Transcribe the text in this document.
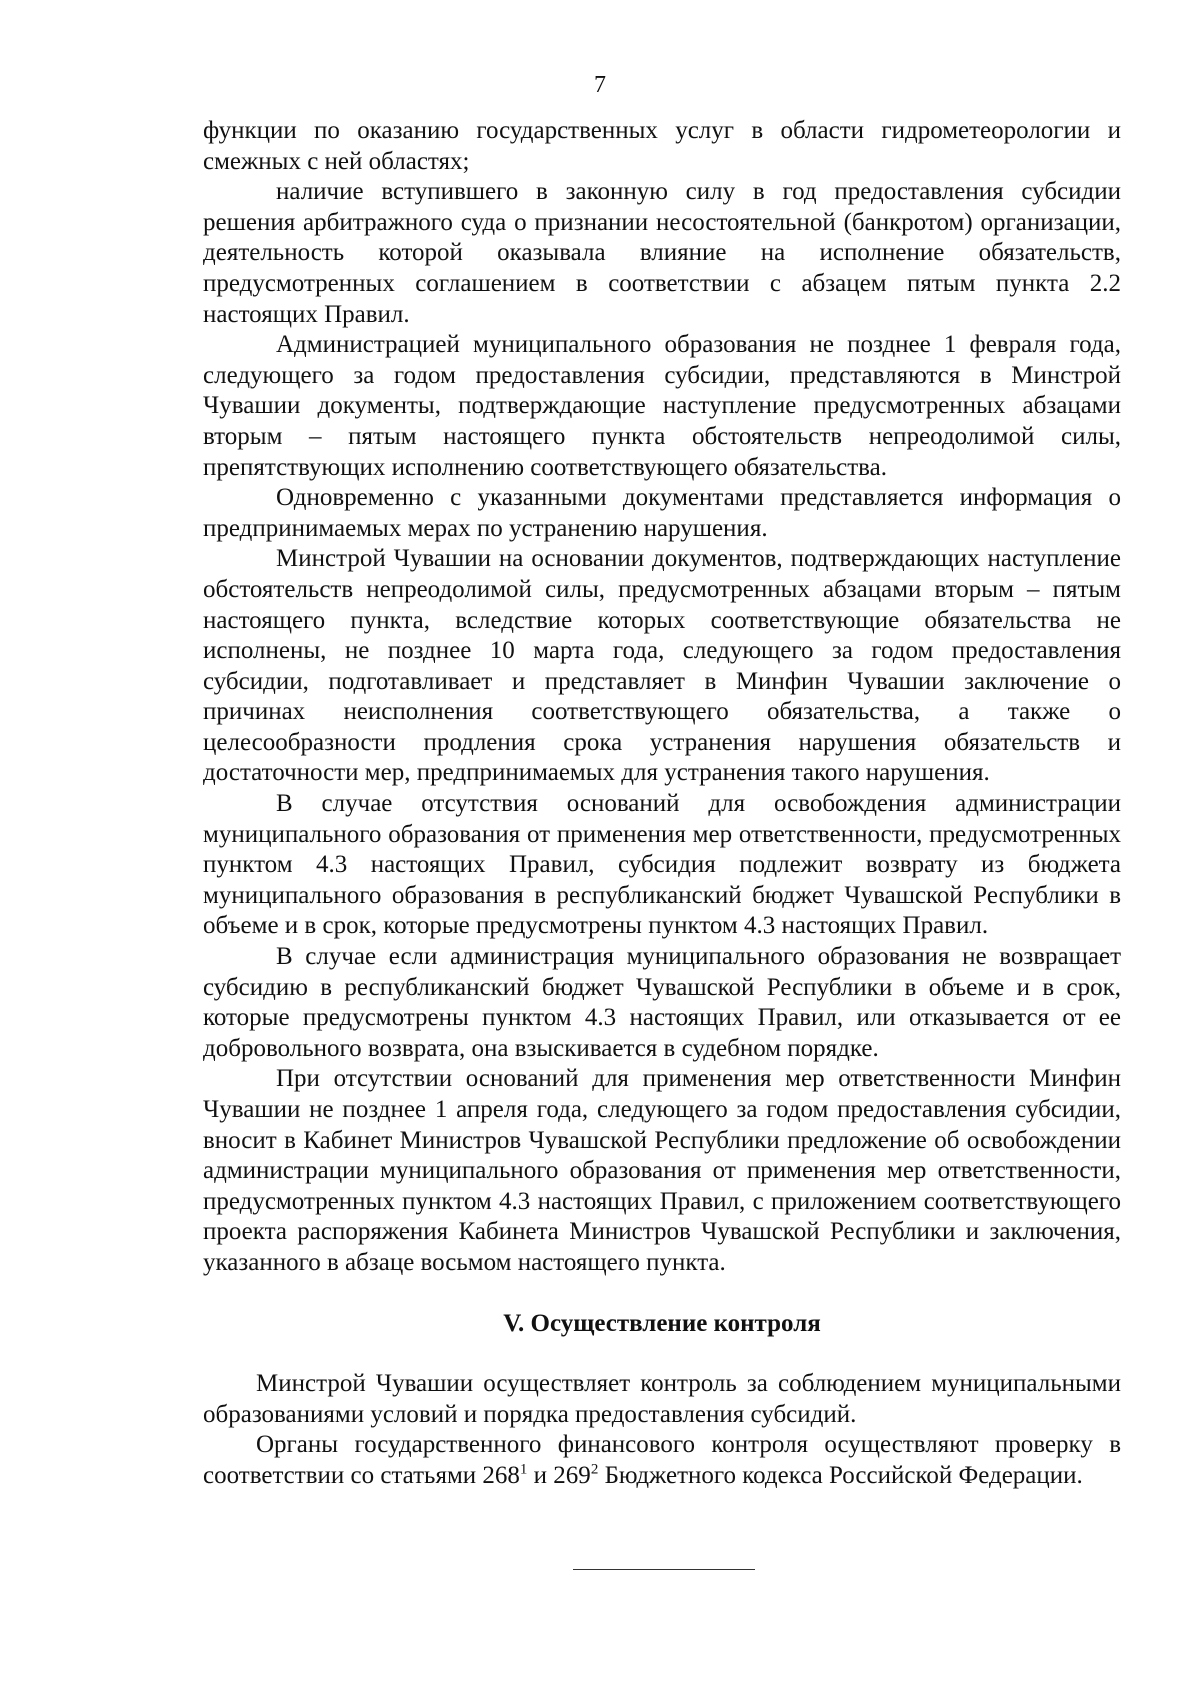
7

функции по оказанию государственных услуг в области гидрометеорологии и смежных с ней областях;

наличие вступившего в законную силу в год предоставления субсидии решения арбитражного суда о признании несостоятельной (банкротом) организации, деятельность которой оказывала влияние на исполнение обязательств, предусмотренных соглашением в соответствии с абзацем пятым пункта 2.2 настоящих Правил.

Администрацией муниципального образования не позднее 1 февраля года, следующего за годом предоставления субсидии, представляются в Минстрой Чувашии документы, подтверждающие наступление предусмотренных абзацами вторым – пятым настоящего пункта обстоятельств непреодолимой силы, препятствующих исполнению соответствующего обязательства.

Одновременно с указанными документами представляется информация о предпринимаемых мерах по устранению нарушения.

Минстрой Чувашии на основании документов, подтверждающих наступление обстоятельств непреодолимой силы, предусмотренных абзацами вторым – пятым настоящего пункта, вследствие которых соответствующие обязательства не исполнены, не позднее 10 марта года, следующего за годом предоставления субсидии, подготавливает и представляет в Минфин Чувашии заключение о причинах неисполнения соответствующего обязательства, а также о целесообразности продления срока устранения нарушения обязательств и достаточности мер, предпринимаемых для устранения такого нарушения.

В случае отсутствия оснований для освобождения администрации муниципального образования от применения мер ответственности, предусмотренных пунктом 4.3 настоящих Правил, субсидия подлежит возврату из бюджета муниципального образования в республиканский бюджет Чувашской Республики в объеме и в срок, которые предусмотрены пунктом 4.3 настоящих Правил.

В случае если администрация муниципального образования не возвращает субсидию в республиканский бюджет Чувашской Республики в объеме и в срок, которые предусмотрены пунктом 4.3 настоящих Правил, или отказывается от ее добровольного возврата, она взыскивается в судебном порядке.

При отсутствии оснований для применения мер ответственности Минфин Чувашии не позднее 1 апреля года, следующего за годом предоставления субсидии, вносит в Кабинет Министров Чувашской Республики предложение об освобождении администрации муниципального образования от применения мер ответственности, предусмотренных пунктом 4.3 настоящих Правил, с приложением соответствующего проекта распоряжения Кабинета Министров Чувашской Республики и заключения, указанного в абзаце восьмом настоящего пункта.

V. Осуществление контроля

Минстрой Чувашии осуществляет контроль за соблюдением муниципальными образованиями условий и порядка предоставления субсидий.

Органы государственного финансового контроля осуществляют проверку в соответствии со статьями $268^1$ и $269^2$ Бюджетного кодекса Российской Федерации.
